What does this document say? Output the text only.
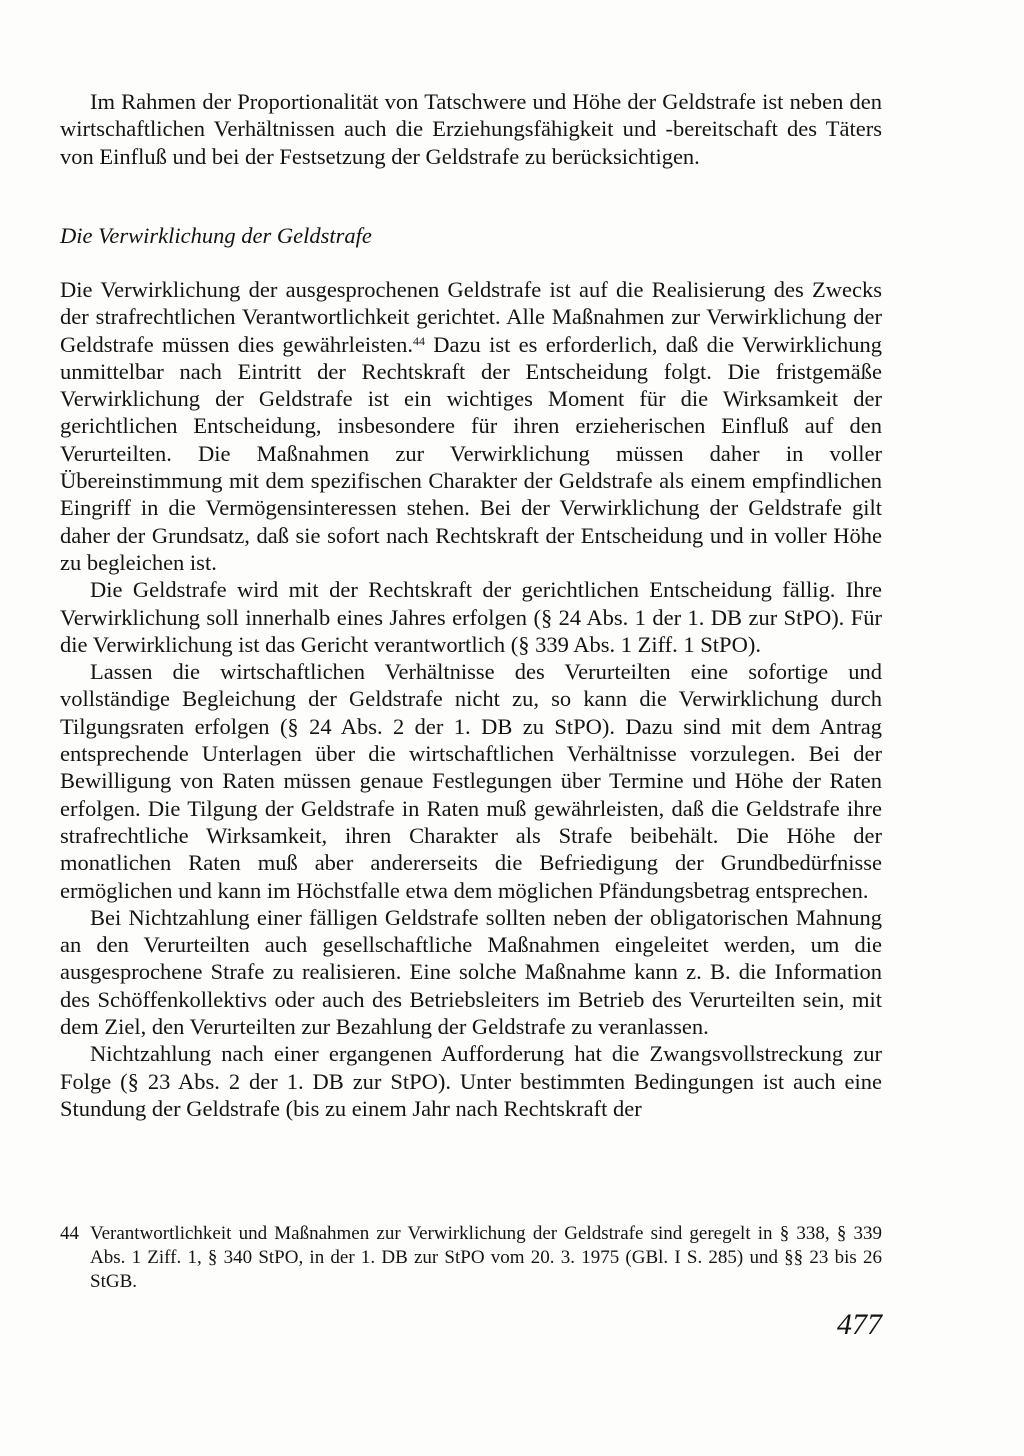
Im Rahmen der Proportionalität von Tatschwere und Höhe der Geldstrafe ist neben den wirtschaftlichen Verhältnissen auch die Erziehungsfähigkeit und -bereitschaft des Täters von Einfluß und bei der Festsetzung der Geldstrafe zu berücksichtigen.

Die Verwirklichung der Geldstrafe

Die Verwirklichung der ausgesprochenen Geldstrafe ist auf die Realisierung des Zwecks der strafrechtlichen Verantwortlichkeit gerichtet. Alle Maßnahmen zur Verwirklichung der Geldstrafe müssen dies gewährleisten.$^{44}$ Dazu ist es erforderlich, daß die Verwirklichung unmittelbar nach Eintritt der Rechtskraft der Entscheidung folgt. Die fristgemäße Verwirklichung der Geldstrafe ist ein wichtiges Moment für die Wirksamkeit der gerichtlichen Entscheidung, insbesondere für ihren erzieherischen Einfluß auf den Verurteilten. Die Maßnahmen zur Verwirklichung müssen daher in voller Übereinstimmung mit dem spezifischen Charakter der Geldstrafe als einem empfindlichen Eingriff in die Vermögensinteressen stehen. Bei der Verwirklichung der Geldstrafe gilt daher der Grundsatz, daß sie sofort nach Rechtskraft der Entscheidung und in voller Höhe zu begleichen ist.

Die Geldstrafe wird mit der Rechtskraft der gerichtlichen Entscheidung fällig. Ihre Verwirklichung soll innerhalb eines Jahres erfolgen (§ 24 Abs. 1 der 1. DB zur StPO). Für die Verwirklichung ist das Gericht verantwortlich (§ 339 Abs. 1 Ziff. 1 StPO).

Lassen die wirtschaftlichen Verhältnisse des Verurteilten eine sofortige und vollständige Begleichung der Geldstrafe nicht zu, so kann die Verwirklichung durch Tilgungsraten erfolgen (§ 24 Abs. 2 der 1. DB zu StPO). Dazu sind mit dem Antrag entsprechende Unterlagen über die wirtschaftlichen Verhältnisse vorzulegen. Bei der Bewilligung von Raten müssen genaue Festlegungen über Termine und Höhe der Raten erfolgen. Die Tilgung der Geldstrafe in Raten muß gewährleisten, daß die Geldstrafe ihre strafrechtliche Wirksamkeit, ihren Charakter als Strafe beibehält. Die Höhe der monatlichen Raten muß aber andererseits die Befriedigung der Grundbedürfnisse ermöglichen und kann im Höchstfalle etwa dem möglichen Pfändungsbetrag entsprechen.

Bei Nichtzahlung einer fälligen Geldstrafe sollten neben der obligatorischen Mahnung an den Verurteilten auch gesellschaftliche Maßnahmen eingeleitet werden, um die ausgesprochene Strafe zu realisieren. Eine solche Maßnahme kann z. B. die Information des Schöffenkollektivs oder auch des Betriebsleiters im Betrieb des Verurteilten sein, mit dem Ziel, den Verurteilten zur Bezahlung der Geldstrafe zu veranlassen.

Nichtzahlung nach einer ergangenen Aufforderung hat die Zwangsvollstreckung zur Folge (§ 23 Abs. 2 der 1. DB zur StPO). Unter bestimmten Bedingungen ist auch eine Stundung der Geldstrafe (bis zu einem Jahr nach Rechtskraft der

44 Verantwortlichkeit und Maßnahmen zur Verwirklichung der Geldstrafe sind geregelt in § 338, § 339 Abs. 1 Ziff. 1, § 340 StPO, in der 1. DB zur StPO vom 20. 3. 1975 (GBl. I S. 285) und §§ 23 bis 26 StGB.
477
